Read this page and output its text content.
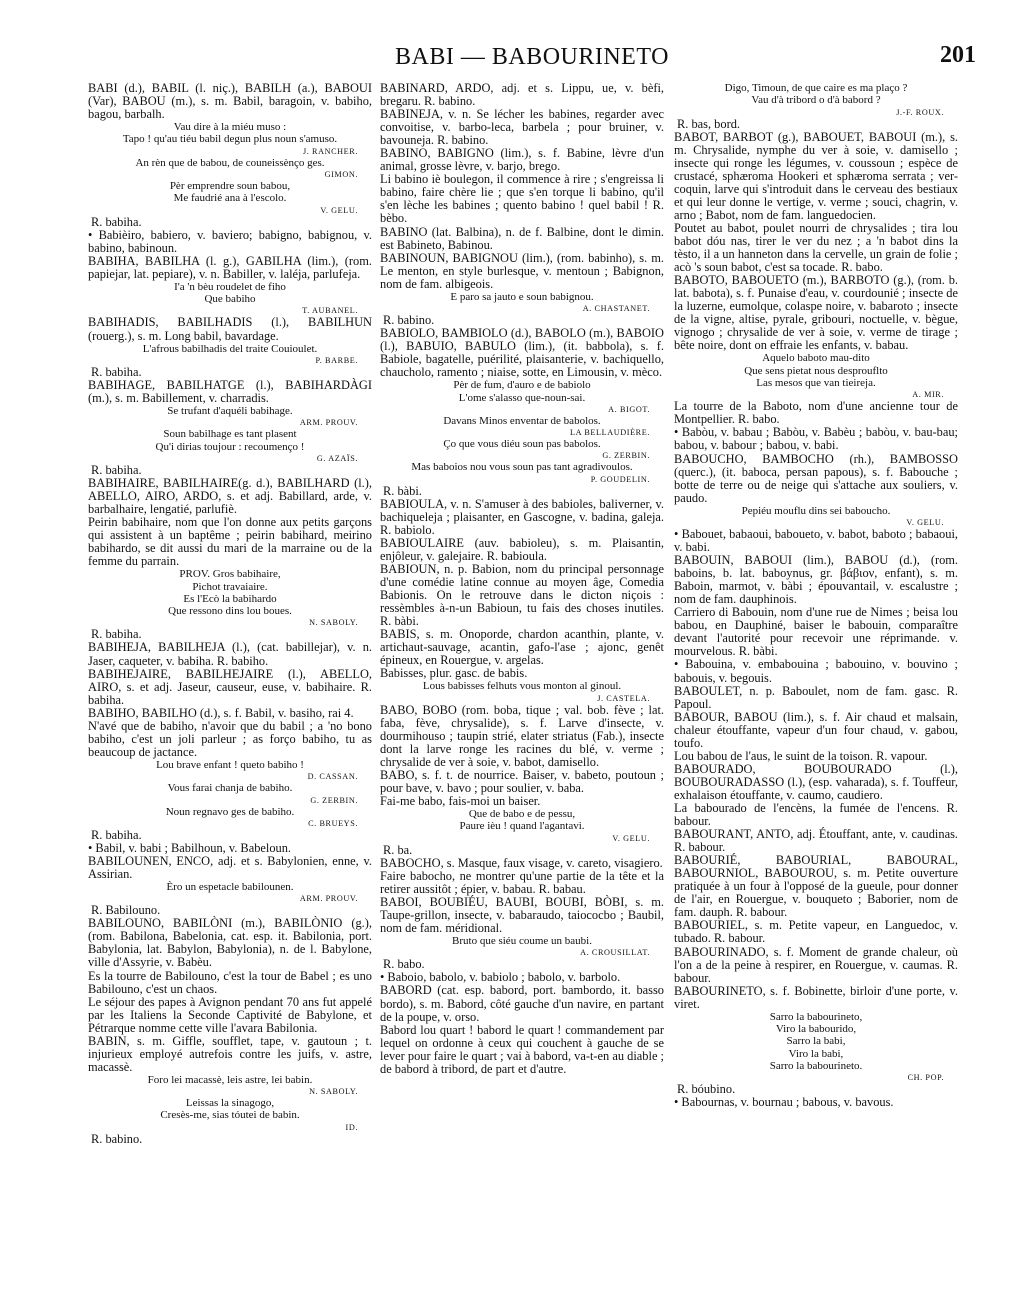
BABI — BABOURINETO	201

BABI (d.), BABIL (l. niç.), BABILH (a.), BABOUI (Var), BABOU (m.), s. m. Babil, baragoin, v. babiho, bagou, barbalh.

Vau dire à la miéu muso :

Tapo ! qu'au tiéu babil degun plus noun s'amuso.

J. RANCHER.

An rèn que de babou, de couneissènço ges.

GIMON.

Pèr emprendre soun babou,

Me faudrié ana à l'escolo.

V. GELU.

R. babiha.

• Babièiro, babiero, v. baviero; babigno, babignou, v. babino, babinoun.

BABIHA, BABILHA (l. g.), GABILHA (lim.), (rom. papiejar, lat. pepiare), v. n. Babiller, v. laléja, parlufeja.

I'a 'n bèu roudelet de fiho

Que babiho

T. AUBANEL.

BABIHADIS, BABILHADIS (l.), BABILHUN (rouerg.), s. m. Long babil, bavardage.

L'afrous babilhadis del traite Couioulet.

P. BARBE.

R. babiha.

BABIHAGE, BABILHATGE (l.), BABIHARDÀGI (m.), s. m. Babillement, v. charradis.

Se trufant d'aquéli babihage.

ARM. PROUV.

Soun babilhage es tant plasent

Qu'i dirias toujour : recoumenço !

G. AZAÏS.

R. babiha.

BABIHAIRE, BABILHAIRE(g. d.), BABILHARD (l.), ABELLO, AIRO, ARDO, s. et adj. Babillard, arde, v. barbalhaire, lengatié, parlufiè.

Peirin babihaire, nom que l'on donne aux petits garçons qui assistent à un baptême ; peirin babihard, meirino babihardo, se dit aussi du mari de la marraine ou de la femme du parrain.

PROV. Gros babihaire,

Pichot travaiaire.

Es l'Ecò la babihardo

Que ressono dins lou boues.

N. SABOLY.

R. babiha.

BABIHEJA, BABILHEJA (l.), (cat. babillejar), v. n. Jaser, caqueter, v. babiha. R. babiho.

BABIHEJAIRE, BABILHEJAIRE (l.), ABELLO, AIRO, s. et adj. Jaseur, causeur, euse, v. babihaire. R. babiha.

BABIHO, BABILHO (d.), s. f. Babil, v. basiho, rai 4.

N'avé que de babiho, n'avoir que du babil ; a 'no bono babiho, c'est un joli parleur ; as forço babiho, tu as beaucoup de jactance.

Lou brave enfant ! queto babiho !

D. CASSAN.

Vous farai chanja de babiho.

G. ZERBIN.

Noun regnavo ges de babiho.

C. BRUEYS.

R. babiha.

• Babil, v. babi ; Babilhoun, v. Babeloun.

BABILOUNEN, ENCO, adj. et s. Babylonien, enne, v. Assirian.

Èro un espetacle babilounen.

ARM. PROUV.

R. Babilouno.

BABILOUNO, BABILÒNI (m.), BABILÒNIO (g.), (rom. Babilona, Babelonia, cat. esp. it. Babilonia, port. Babylonia, lat. Babylon, Babylonia), n. de l. Babylone, ville d'Assyrie, v. Babèu.

Es la tourre de Babilouno, c'est la tour de Babel ; es uno Babilouno, c'est un chaos.

Le séjour des papes à Avignon pendant 70 ans fut appelé par les Italiens la Seconde Captivité de Babylone, et Pétrarque nomme cette ville l'avara Babilonia.

BABIN, s. m. Giffle, soufflet, tape, v. gautoun ; t. injurieux employé autrefois contre les juifs, v. astre, macassè.

Foro lei macassè, leis astre, lei babin.

N. SABOLY.

Leissas la sinagogo,

Cresès-me, sias tóutei de babin.

ID.

R. babino.

BABINARD, ARDO, adj. et s. Lippu, ue, v. bèfi, bregaru. R. babino.

BABINEJA, v. n. Se lécher les babines, regarder avec convoitise, v. barbo-leca, barbela ; pour bruiner, v. bavouneja. R. babino.

BABINO, BABIGNO (lim.), s. f. Babine, lèvre d'un animal, grosse lèvre, v. barjo, brego.

Li babino iè boulegon, il commence à rire ; s'engreissa li babino, faire chère lie ; que s'en torque li babino, qu'il s'en lèche les babines ; quento babino ! quel babil ! R. bèbo.

BABINO (lat. Balbina), n. de f. Balbine, dont le dimin. est Babineto, Babinou.

BABINOUN, BABIGNOU (lim.), (rom. babinho), s. m. Le menton, en style burlesque, v. mentoun ; Babignon, nom de fam. albigeois.

E paro sa jauto e soun babignou.

A. CHASTANET.

R. babino.

BABIOLO, BAMBIOLO (d.), BABOLO (m.), BABOIO (l.), BABUIO, BABULO (lim.), (it. babbola), s. f. Babiole, bagatelle, puérilité, plaisanterie, v. bachiquello, chaucholo, ramento ; niaise, sotte, en Limousin, v. mèco.

Pèr de fum, d'auro e de babiolo

L'ome s'alasso que-noun-sai.

A. BIGOT.

Davans Minos enventar de babolos.

LA BELLAUDIÈRE.

Ço que vous diéu soun pas babolos.

G. ZERBIN.

Mas baboios nou vous soun pas tant agradivoulos.

P. GOUDELIN.

R. bàbi.

BABIOULA, v. n. S'amuser à des babioles, baliverner, v. bachiqueleja ; plaisanter, en Gascogne, v. badina, galeja. R. babiolo.

BABIOULAIRE (auv. babioleu), s. m. Plaisantin, enjôleur, v. galejaire. R. babioula.

BABIOUN, n. p. Babion, nom du principal personnage d'une comédie latine connue au moyen âge, Comedia Babionis. On le retrouve dans le dicton niçois : ressèmbles à-n-un Babioun, tu fais des choses inutiles. R. bàbi.

BABIS, s. m. Onoporde, chardon acanthin, plante, v. artichaut-sauvage, acantin, gafo-l'ase ; ajonc, genêt épineux, en Rouergue, v. argelas.

Babisses, plur. gasc. de babis.

Lous babisses felhuts vous monton al ginoul.

J. CASTELA.

BABO, BOBO (rom. boba, tique ; val. bob. fève ; lat. faba, fève, chrysalide), s. f. Larve d'insecte, v. dourmihouso ; taupin strié, elater striatus (Fab.), insecte dont la larve ronge les racines du blé, v. verme ; chrysalide de ver à soie, v. babot, damisello.

BABO, s. f. t. de nourrice. Baiser, v. babeto, poutoun ; pour bave, v. bavo ; pour soulier, v. baba.

Fai-me babo, fais-moi un baiser.

Que de babo e de pessu,

Paure ièu ! quand l'agantavi.

V. GELU.

R. ba.

BABOCHO, s. Masque, faux visage, v. careto, visagiero.

Faire babocho, ne montrer qu'une partie de la tête et la retirer aussitôt ; épier, v. babau. R. babau.

BABOI, BOUBIÉU, BAUBI, BOUBI, BÒBI, s. m. Taupe-grillon, insecte, v. babaraudo, taiococbo ; Baubil, nom de fam. méridional.

Bruto que siéu coume un baubi.

A. CROUSILLAT.

R. babo.

• Baboio, babolo, v. babiolo ; babolo, v. barbolo.

BABORD (cat. esp. babord, port. bambordo, it. basso bordo), s. m. Babord, côté gauche d'un navire, en partant de la poupe, v. orso.

Babord lou quart ! babord le quart ! commandement par lequel on ordonne à ceux qui couchent à gauche de se lever pour faire le quart ; vai à babord, va-t-en au diable ; de babord à tribord, de part et d'autre.

Digo, Timoun, de que caire es ma plaço ?

Vau d'à tribord o d'à babord ?

J.-F. ROUX.

R. bas, bord.

BABOT, BARBOT (g.), BABOUET, BABOUI (m.), s. m. Chrysalide, nymphe du ver à soie, v. damisello ; insecte qui ronge les légumes, v. coussoun ; espèce de crustacé, sphæroma Hookeri et sphæroma serrata ; ver-coquin, larve qui s'introduit dans le cerveau des bestiaux et qui leur donne le vertige, v. verme ; souci, chagrin, v. arno ; Babot, nom de fam. languedocien.

Poutet au babot, poulet nourri de chrysalides ; tira lou babot dóu nas, tirer le ver du nez ; a 'n babot dins la tèsto, il a un hanneton dans la cervelle, un grain de folie ; acò 's soun babot, c'est sa tocade. R. babo.

BABOTO, BABOUETO (m.), BARBOTO (g.), (rom. b. lat. babota), s. f. Punaise d'eau, v. courdounié ; insecte de la luzerne, eumolque, colaspe noire, v. babaroto ; insecte de la vigne, altise, pyrale, gribouri, noctuelle, v. bègue, vignogo ; chrysalide de ver à soie, v. verme de tirage ; bête noire, dont on effraie les enfants, v. babau.

Aquelo baboto mau-dito

Que sens pietat nous desprouflto

Las mesos que van tieireja.

A. MIR.

La tourre de la Baboto, nom d'une ancienne tour de Montpellier. R. babo.

• Babòu, v. babau ; Babòu, v. Babèu ; babòu, v. bau-bau; babou, v. babour ; babou, v. babi.

BABOUCHO, BAMBOCHO (rh.), BAMBOSSO (querc.), (it. baboca, persan papous), s. f. Babouche ; botte de terre ou de neige qui s'attache aux souliers, v. paudo.

Pepiéu mouflu dins sei baboucho.

V. GELU.

• Babouet, babaoui, baboueto, v. babot, baboto ; babaoui, v. babi.

BABOUIN, BABOUI (lim.), BABOU (d.), (rom. baboins, b. lat. baboynus, gr. βάβιον, enfant), s. m. Baboin, marmot, v. bàbi ; épouvantail, v. escalustre ; nom de fam. dauphinois.

Carriero di Babouin, nom d'une rue de Nimes ; beisa lou babou, en Dauphiné, baiser le babouin, comparaître devant l'autorité pour recevoir une réprimande. v. mourvelous. R. bàbi.

• Babouina, v. embabouina ; babouino, v. bouvino ; babouis, v. begouis.

BABOULET, n. p. Baboulet, nom de fam. gasc. R. Papoul.

BABOUR, BABOU (lim.), s. f. Air chaud et malsain, chaleur étouffante, vapeur d'un four chaud, v. gabou, toufo.

Lou babou de l'aus, le suint de la toison. R. vapour.

BABOURADO, BOUBOURADO (l.), BOUBOURADASSO (l.), (esp. vaharada), s. f. Touffeur, exhalaison étouffante, v. caumo, caudiero.

La babourado de l'encèns, la fumée de l'encens. R. babour.

BABOURANT, ANTO, adj. Étouffant, ante, v. caudinas. R. babour.

BABOURIÉ, BABOURIAL, BABOURAL, BABOURNIOL, BABOUROU, s. m. Petite ouverture pratiquée à un four à l'opposé de la gueule, pour donner de l'air, en Rouergue, v. bouqueto ; Baborier, nom de fam. dauph. R. babour.

BABOURIEL, s. m. Petite vapeur, en Languedoc, v. tubado. R. babour.

BABOURINADO, s. f. Moment de grande chaleur, où l'on a de la peine à respirer, en Rouergue, v. caumas. R. babour.

BABOURINETO, s. f. Bobinette, birloir d'une porte, v. viret.

Sarro la babourineto,

Viro la babourido,

Sarro la babi,

Viro la babi,

Sarro la babourineto.

CH. POP.

R. bóubino.

• Babournas, v. bournau ; babous, v. bavous.
